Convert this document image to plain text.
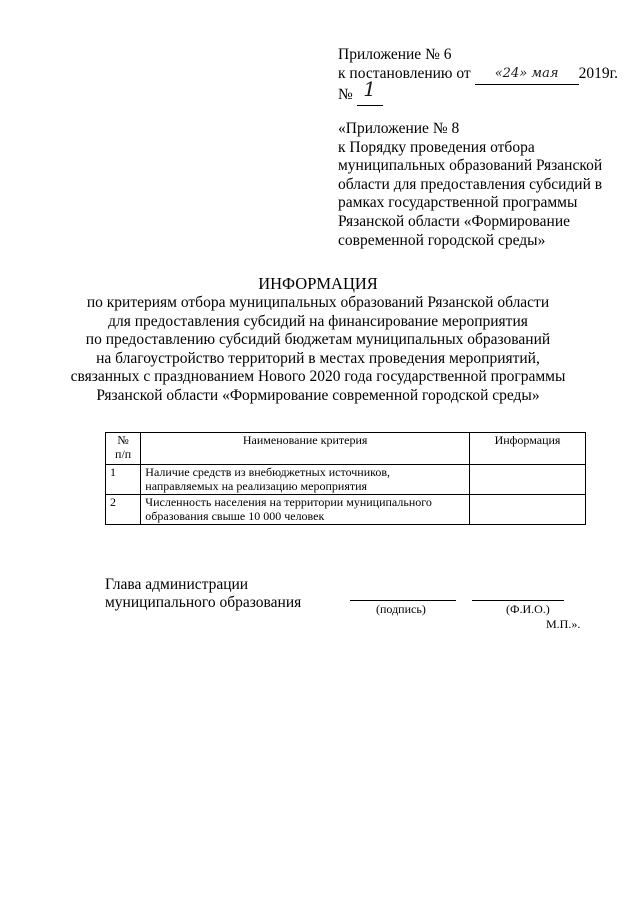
Приложение № 6
к постановлению от «24» мая 2019г.
№ 1
«Приложение № 8
к Порядку проведения отбора
муниципальных образований Рязанской
области для предоставления субсидий в
рамках государственной программы
Рязанской области «Формирование
современной городской среды»
ИНФОРМАЦИЯ
по критериям отбора муниципальных образований Рязанской области
для предоставления субсидий на финансирование мероприятия
по предоставлению субсидий бюджетам муниципальных образований
на благоустройство территорий в местах проведения мероприятий,
связанных с празднованием Нового 2020 года государственной программы
Рязанской области «Формирование современной городской среды»
№
п/п	Наименование критерия	Информация
1	Наличие средств из внебюджетных источников,
направляемых на реализацию мероприятия	

2	Численность населения на территории муниципального
образования свыше 10 000 человек	

Глава администрации
муниципального образования	(подпись)	(Ф.И.О.)
М.П.».
